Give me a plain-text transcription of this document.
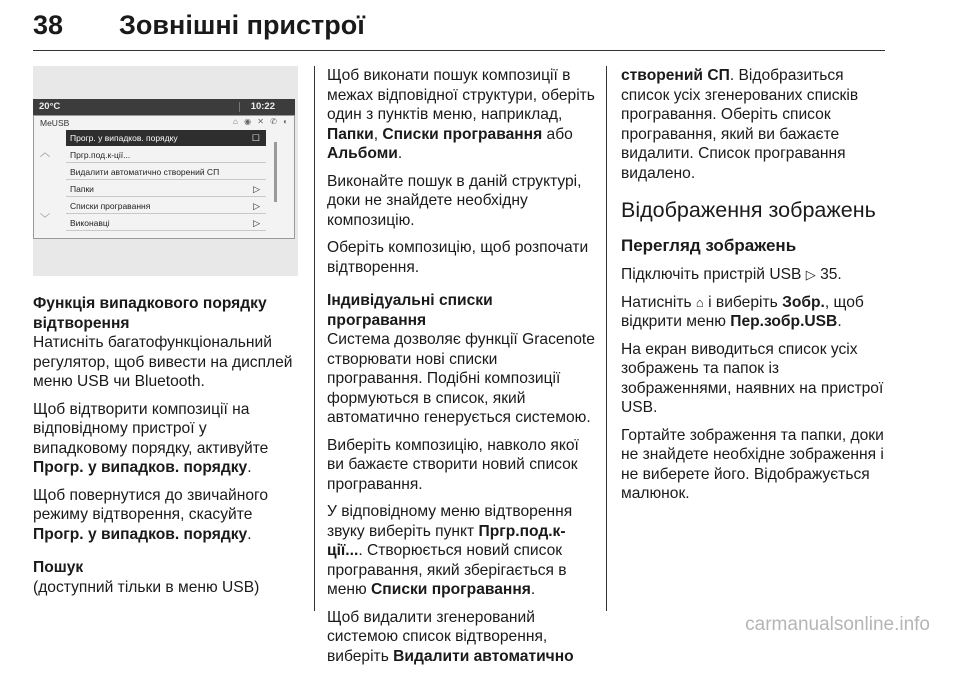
38 Зовнішні пристрої
20°C	10:22
MeUSB	⌂ ◉ ✕ ✆ ◐
︿
﹀
Прогр. у випадков. порядку	☐
Пргр.под.к-ції...
Видалити автоматично створений СП
Папки	▷
Списки програвання	▷
Виконавці	▷

Функція випадкового порядку відтворення

Натисніть багатофункціональний регулятор, щоб вивести на дисплей меню USB чи Bluetooth.

Щоб відтворити композиції на відповідному пристрої у випадковому порядку, активуйте Прогр. у випадков. порядку.

Щоб повернутися до звичайного режиму відтворення, скасуйте Прогр. у випадков. порядку.

Пошук

(доступний тільки в меню USB)

Щоб виконати пошук композиції в межах відповідної структури, оберіть один з пунктів меню, наприклад, Папки, Списки програвання або Альбоми.

Виконайте пошук в даній структурі, доки не знайдете необхідну композицію.

Оберіть композицію, щоб розпочати відтворення.

Індивідуальні списки програвання

Система дозволяє функції Gracenote створювати нові списки програвання. Подібні композиції формуються в список, який автоматично генерується системою.

Виберіть композицію, навколо якої ви бажаєте створити новий список програвання.

У відповідному меню відтворення звуку виберіть пункт Пргр.под.к-ції.... Створюється новий список програвання, який зберігається в меню Списки програвання.

Щоб видалити згенерований системою список відтворення, виберіть Видалити автоматично

створений СП. Відобразиться список усіх згенерованих списків програвання. Оберіть список програвання, який ви бажаєте видалити. Список програвання видалено.

Відображення зображень

Перегляд зображень

Підключіть пристрій USB ▷ 35.

Натисніть ⌂ і виберіть Зобр., щоб відкрити меню Пер.зобр.USB.

На екран виводиться список усіх зображень та папок із зображеннями, наявних на пристрої USB.

Гортайте зображення та папки, доки не знайдете необхідне зображення і не виберете його. Відображується малюнок.

carmanualsonline.info
